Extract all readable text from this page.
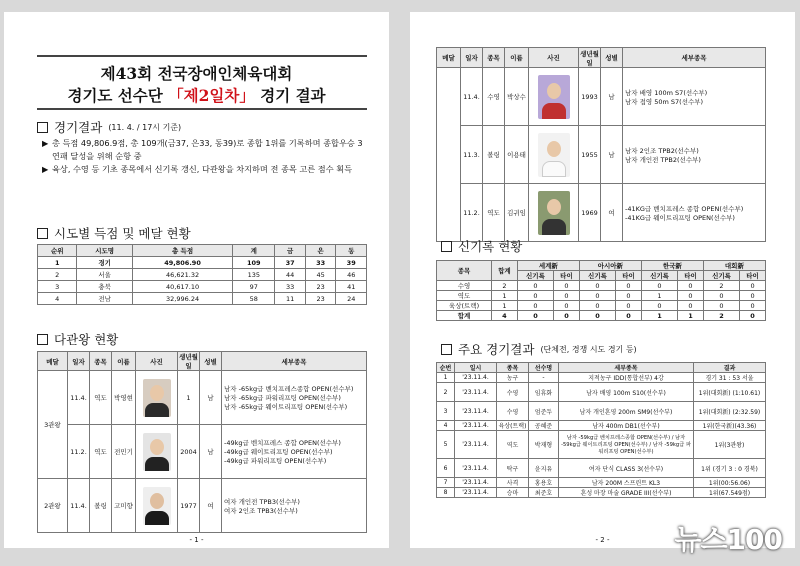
제43회 전국장애인체육대회
경기도 선수단 「제2일차」 경기 결과
경기결과 (11. 4. / 17시 기준)

▶ 총 득점 49,806.9점, 총 109개(금37, 은33, 동39)로 종합 1위를 기록하며 종합우승 3연패 달성을 위해 순항 중

▶ 육상, 수영 등 기초 종목에서 신기록 갱신, 다관왕을 차지하며 전 종목 고른 점수 획득

시도별 득점 및 메달 현황
순위	시도명	총 득점	계	금	은	동
1	경기	49,806.90	109	37	33	39
2	서울	46,621.32	135	44	45	46
3	충북	40,617.10	97	33	23	41
4	전남	32,996.24	58	11	23	24
다관왕 현황
메달	일자	종목	이름	사진	생년월일	성별	세부종목
3관왕	11.4.	역도	박영현		1	남	남자 -65kg급 벤치프레스종합 OPEN(선수부)
남자 -65kg급 파워리프팅 OPEN(선수부)
남자 -65kg급 웨이트리프팅 OPEN(선수부)

	11.2.	역도	전민기		2004	남	-49kg급 벤치프레스 종합 OPEN(선수부)
-49kg급 웨이트리프팅 OPEN(선수부)
-49kg급 파워리프팅 OPEN(선수부)

2관왕	11.4.	볼링	고미향		1977	여	여자 개인전 TPB3(선수부)
여자 2인조 TPB3(선수부)
- 1 -
메달	일자	종목	이름	사진	생년월일	성별	세부종목
	11.4.	수영	박상수		1993	남	남자 배영 100m S7(선수부)
남자 접영 50m S7(선수부)

	11.3.	볼링	이용태		1955	남	남자 2인조 TPB2(선수부)
남자 개인전 TPB2(선수부)

	11.2.	역도	김귀임		1969	여	-41KG급 벤치프레스 종합 OPEN(선수부)
-41KG급 웨이트리프팅 OPEN(선수부)
신기록 현황
종목	합계	세계新		아시아新		한국新		대회新	
		신기록	타이	신기록	타이	신기록	타이	신기록	타이
수영	2	0	0	0	0	0	0	2	0
역도	1	0	0	0	0	1	0	0	0
육상(트랙)	1	0	0	0	0	0	0	0	0
합계	4	0	0	0	0	1	1	2	0
주요 경기결과 (단체전, 경쟁 시도 경기 등)
순번	일시	종목	선수명	세부종목	결과
1	'23.11.4.	농구	-	지적농구 IDD(통합선부) 4강	경기 31 : 53 서울
2	'23.11.4.	수영	임휴화	남자 배영 100m S10(선수부)	1위(대회新) (1:10.61)
3	'23.11.4.	수영	엄준두	남자 개인혼영 200m SM9(선수부)	1위(대회新) (2:32.59)
4	'23.11.4.	육상(트랙)	공혜준	남자 400m DB1(선수부)	1위(한국新)(43.36)
5	'23.11.4.	역도	박재형	남자 -59kg급 벤치프레스종합 OPEN(선수부) / 남자 -59kg급 웨이트리프팅 OPEN(선수부) / 남자 -59kg급 파워리프팅 OPEN(선수부)	1위(3관왕)
6	'23.11.4.	탁구	윤지유	여자 단식 CLASS 3(선수부)	1위 (경기 3 : 0 경북)
7	'23.11.4.	사격	홍용호	남자 200M 스프린트 KL3	1위(00:56.06)
8	'23.11.4.	승마	최준호	혼성 마장 마술 GRADE III(선수부)	1위(67.549점)
- 2 -	뉴스100
